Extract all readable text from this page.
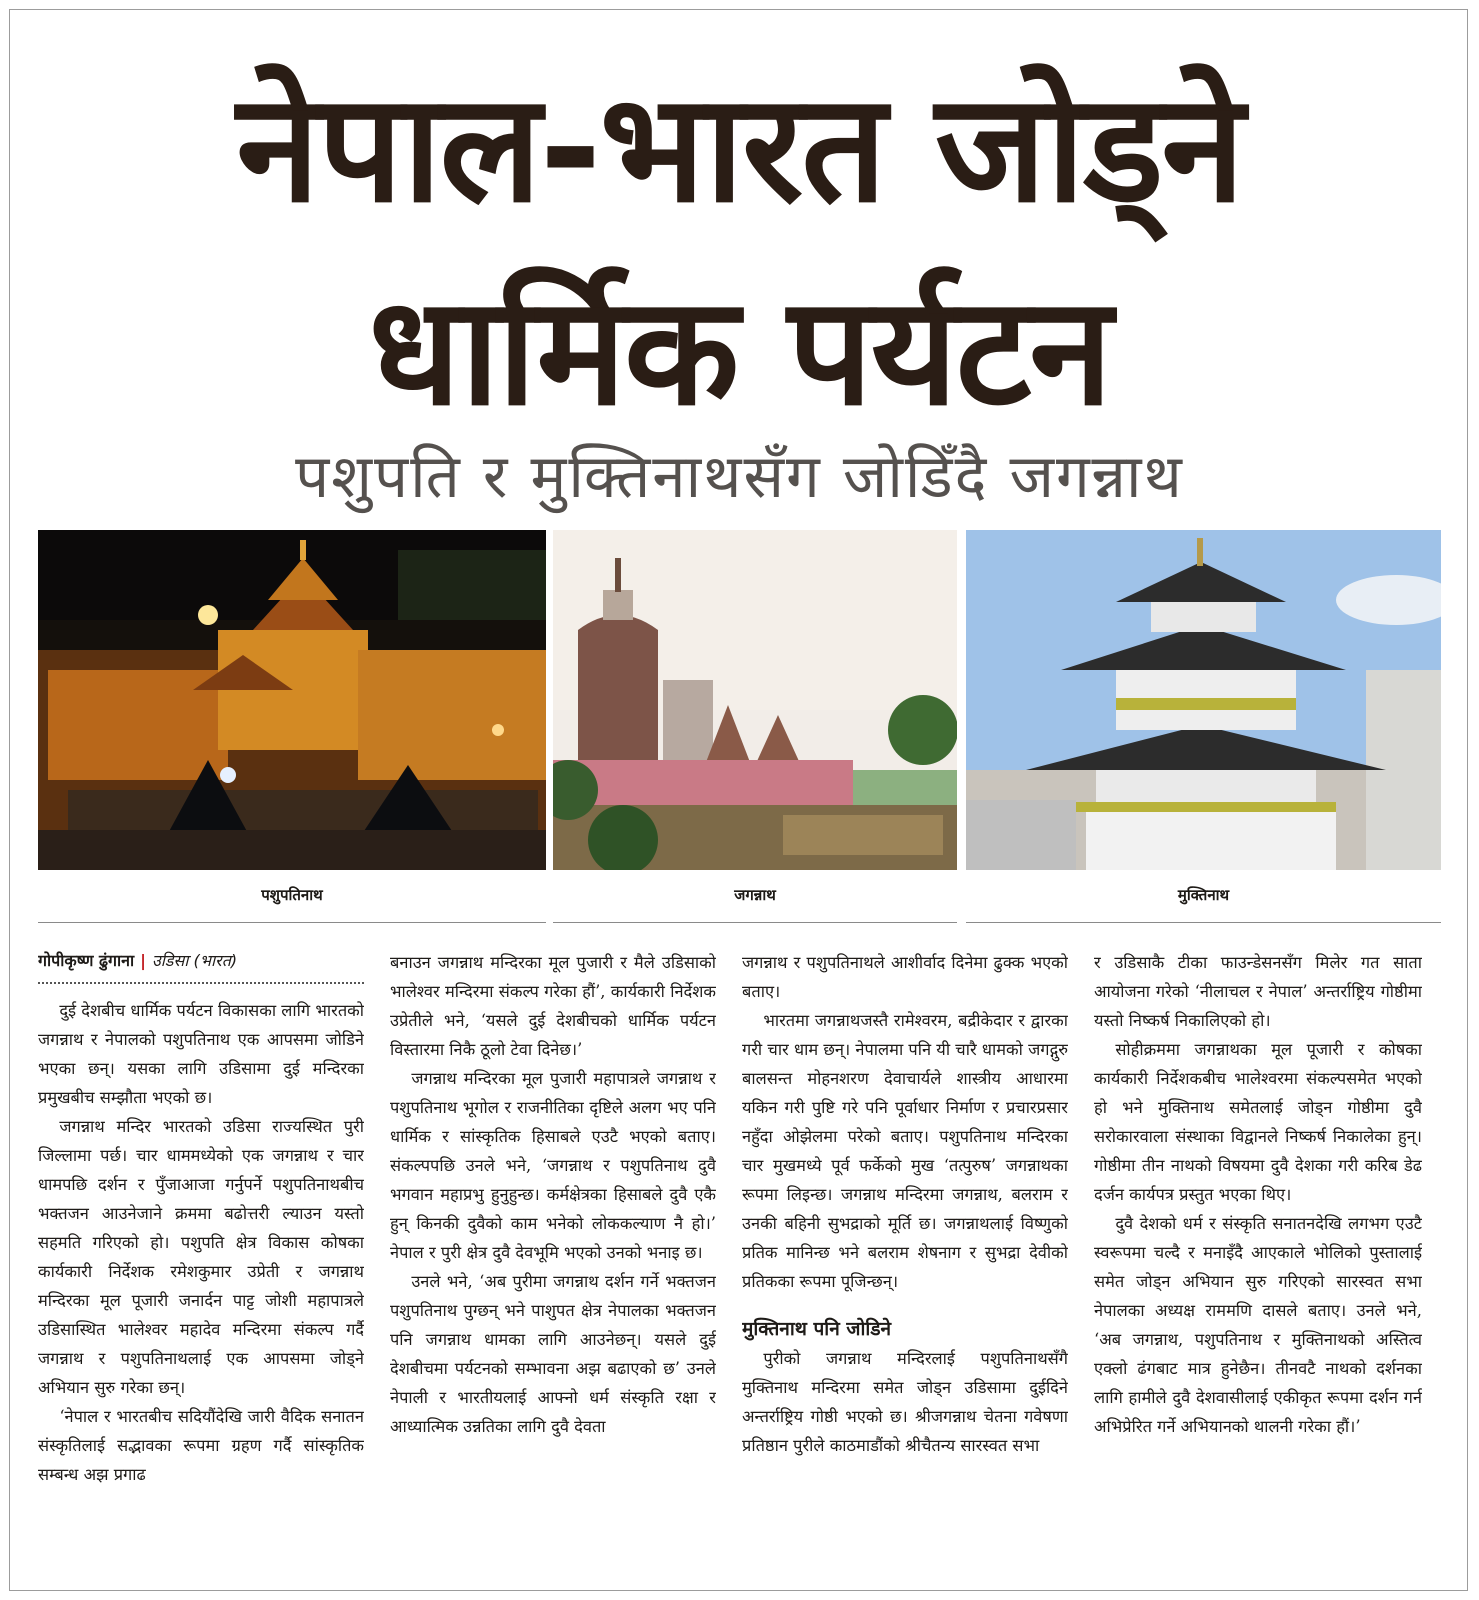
नेपाल-भारत जोड्ने
धार्मिक पर्यटन
पशुपति र मुक्तिनाथसँग जोडिँदै जगन्नाथ
पशुपतिनाथ	जगन्नाथ	मुक्तिनाथ
गोपीकृष्ण ढुंगाना | उडिसा (भारत)

दुई देशबीच धार्मिक पर्यटन विकासका लागि भारतको जगन्नाथ र नेपालको पशुपतिनाथ एक आपसमा जोडिने भएका छन्। यसका लागि उडिसामा दुई मन्दिरका प्रमुखबीच सम्झौता भएको छ।

जगन्नाथ मन्दिर भारतको उडिसा राज्यस्थित पुरी जिल्लामा पर्छ। चार धाममध्येको एक जगन्नाथ र चार धामपछि दर्शन र पुँजाआजा गर्नुपर्ने पशुपतिनाथबीच भक्तजन आउनेजाने क्रममा बढोत्तरी ल्याउन यस्तो सहमति गरिएको हो। पशुपति क्षेत्र विकास कोषका कार्यकारी निर्देशक रमेशकुमार उप्रेती र जगन्नाथ मन्दिरका मूल पूजारी जनार्दन पाट्ट जोशी महापात्रले उडिसास्थित भालेश्वर महादेव मन्दिरमा संकल्प गर्दै जगन्नाथ र पशुपतिनाथलाई एक आपसमा जोड्ने अभियान सुरु गरेका छन्।

‘नेपाल र भारतबीच सदियौंदेखि जारी वैदिक सनातन संस्कृतिलाई सद्भावका रूपमा ग्रहण गर्दै सांस्कृतिक सम्बन्ध अझ प्रगाढ

बनाउन जगन्नाथ मन्दिरका मूल पुजारी र मैले उडिसाको भालेश्वर मन्दिरमा संकल्प गरेका हौं’, कार्यकारी निर्देशक उप्रेतीले भने, ‘यसले दुई देशबीचको धार्मिक पर्यटन विस्तारमा निकै ठूलो टेवा दिनेछ।’

जगन्नाथ मन्दिरका मूल पुजारी महापात्रले जगन्नाथ र पशुपतिनाथ भूगोल र राजनीतिका दृष्टिले अलग भए पनि धार्मिक र सांस्कृतिक हिसाबले एउटै भएको बताए। संकल्पपछि उनले भने, ‘जगन्नाथ र पशुपतिनाथ दुवै भगवान महाप्रभु हुनुहुन्छ। कर्मक्षेत्रका हिसाबले दुवै एकै हुन् किनकी दुवैको काम भनेको लोककल्याण नै हो।’ नेपाल र पुरी क्षेत्र दुवै देवभूमि भएको उनको भनाइ छ।

उनले भने, ‘अब पुरीमा जगन्नाथ दर्शन गर्ने भक्तजन पशुपतिनाथ पुग्छन् भने पाशुपत क्षेत्र नेपालका भक्तजन पनि जगन्नाथ धामका लागि आउनेछन्। यसले दुई देशबीचमा पर्यटनको सम्भावना अझ बढाएको छ’ उनले नेपाली र भारतीयलाई आफ्नो धर्म संस्कृति रक्षा र आध्यात्मिक उन्नतिका लागि दुवै देवता

जगन्नाथ र पशुपतिनाथले आशीर्वाद दिनेमा ढुक्क भएको बताए।

भारतमा जगन्नाथजस्तै रामेश्वरम, बद्रीकेदार र द्वारका गरी चार धाम छन्। नेपालमा पनि यी चारै धामको जगद्गुरु बालसन्त मोहनशरण देवाचार्यले शास्त्रीय आधारमा यकिन गरी पुष्टि गरे पनि पूर्वाधार निर्माण र प्रचारप्रसार नहुँदा ओझेलमा परेको बताए। पशुपतिनाथ मन्दिरका चार मुखमध्ये पूर्व फर्केको मुख ‘तत्पुरुष’ जगन्नाथका रूपमा लिइन्छ। जगन्नाथ मन्दिरमा जगन्नाथ, बलराम र उनकी बहिनी सुभद्राको मूर्ति छ। जगन्नाथलाई विष्णुको प्रतिक मानिन्छ भने बलराम शेषनाग र सुभद्रा देवीको प्रतिकका रूपमा पूजिन्छन्।

मुक्तिनाथ पनि जोडिने

पुरीको जगन्नाथ मन्दिरलाई पशुपतिनाथसँगै मुक्तिनाथ मन्दिरमा समेत जोड्न उडिसामा दुईदिने अन्तर्राष्ट्रिय गोष्ठी भएको छ। श्रीजगन्नाथ चेतना गवेषणा प्रतिष्ठान पुरीले काठमाडौंको श्रीचैतन्य सारस्वत सभा

र उडिसाकै टीका फाउन्डेसनसँग मिलेर गत साता आयोजना गरेको ‘नीलाचल र नेपाल’ अन्तर्राष्ट्रिय गोष्ठीमा यस्तो निष्कर्ष निकालिएको हो।

सोहीक्रममा जगन्नाथका मूल पूजारी र कोषका कार्यकारी निर्देशकबीच भालेश्वरमा संकल्पसमेत भएको हो भने मुक्तिनाथ समेतलाई जोड्न गोष्ठीमा दुवै सरोकारवाला संस्थाका विद्वानले निष्कर्ष निकालेका हुन्। गोष्ठीमा तीन नाथको विषयमा दुवै देशका गरी करिब डेढ दर्जन कार्यपत्र प्रस्तुत भएका थिए।

दुवै देशको धर्म र संस्कृति सनातनदेखि लगभग एउटै स्वरूपमा चल्दै र मनाइँदै आएकाले भोलिको पुस्तालाई समेत जोड्न अभियान सुरु गरिएको सारस्वत सभा नेपालका अध्यक्ष राममणि दासले बताए। उनले भने, ‘अब जगन्नाथ, पशुपतिनाथ र मुक्तिनाथको अस्तित्व एक्लो ढंगबाट मात्र हुनेछैन। तीनवटै नाथको दर्शनका लागि हामीले दुवै देशवासीलाई एकीकृत रूपमा दर्शन गर्न अभिप्रेरित गर्ने अभियानको थालनी गरेका हौं।’
